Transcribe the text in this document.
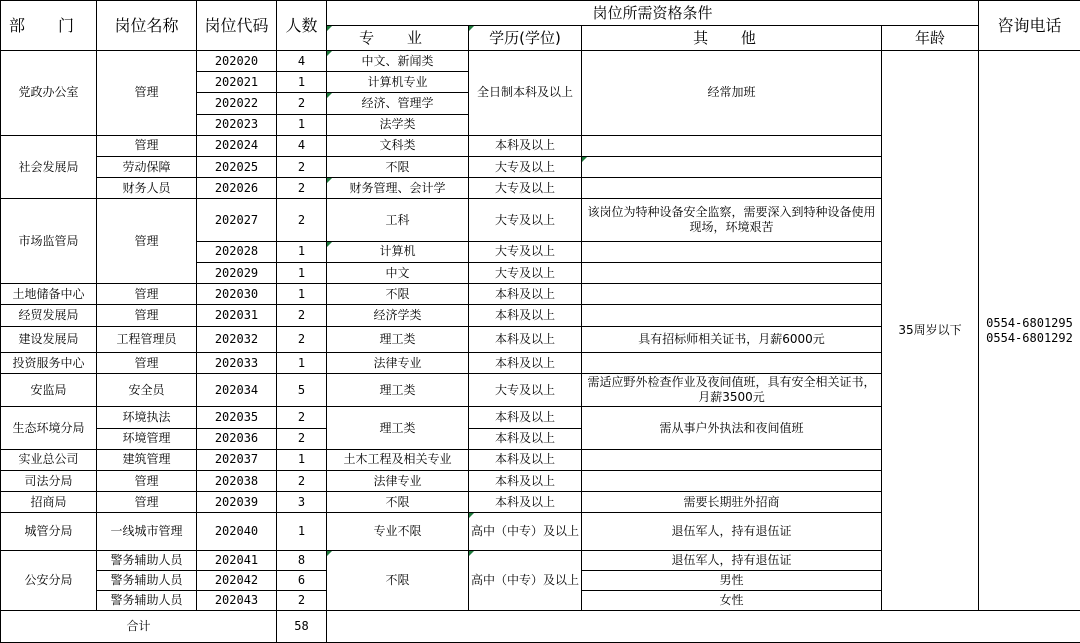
部 门	岗位名称	岗位代码	人数	岗位所需资格条件				咨询电话
				专 业	学历(学位)	其 他	年龄	
党政办公室	管理	202020	4	中文、新闻类	全日制本科及以上	经常加班	35周岁以下	0554-6801295
0554-6801292

		202021	1	计算机专业				
		202022	2	经济、管理学				
		202023	1	法学类				
社会发展局	管理	202024	4	文科类	本科及以上			
	劳动保障	202025	2	不限	大专及以上			
	财务人员	202026	2	财务管理、会计学	大专及以上			
市场监管局	管理	202027	2	工科	大专及以上	该岗位为特种设备安全监察，需要深入到特种设备使用现场，环境艰苦		
		202028	1	计算机	大专及以上			
		202029	1	中文	大专及以上			
土地储备中心	管理	202030	1	不限	本科及以上			
经贸发展局	管理	202031	2	经济学类	本科及以上			
建设发展局	工程管理员	202032	2	理工类	本科及以上	具有招标师相关证书，月薪6000元		
投资服务中心	管理	202033	1	法律专业	本科及以上			
安监局	安全员	202034	5	理工类	大专及以上	需适应野外检查作业及夜间值班，具有安全相关证书，月薪3500元		
生态环境分局	环境执法	202035	2	理工类	本科及以上	需从事户外执法和夜间值班		
	环境管理	202036	2		本科及以上			
实业总公司	建筑管理	202037	1	土木工程及相关专业	本科及以上			
司法分局	管理	202038	2	法律专业	本科及以上			
招商局	管理	202039	3	不限	本科及以上	需要长期驻外招商		
城管分局	一线城市管理	202040	1	专业不限	高中（中专）及以上	退伍军人，持有退伍证		
公安分局	警务辅助人员	202041	8	不限	高中（中专）及以上	退伍军人，持有退伍证		
	警务辅助人员	202042	6			男性		
	警务辅助人员	202043	2			女性		
合计			58					
